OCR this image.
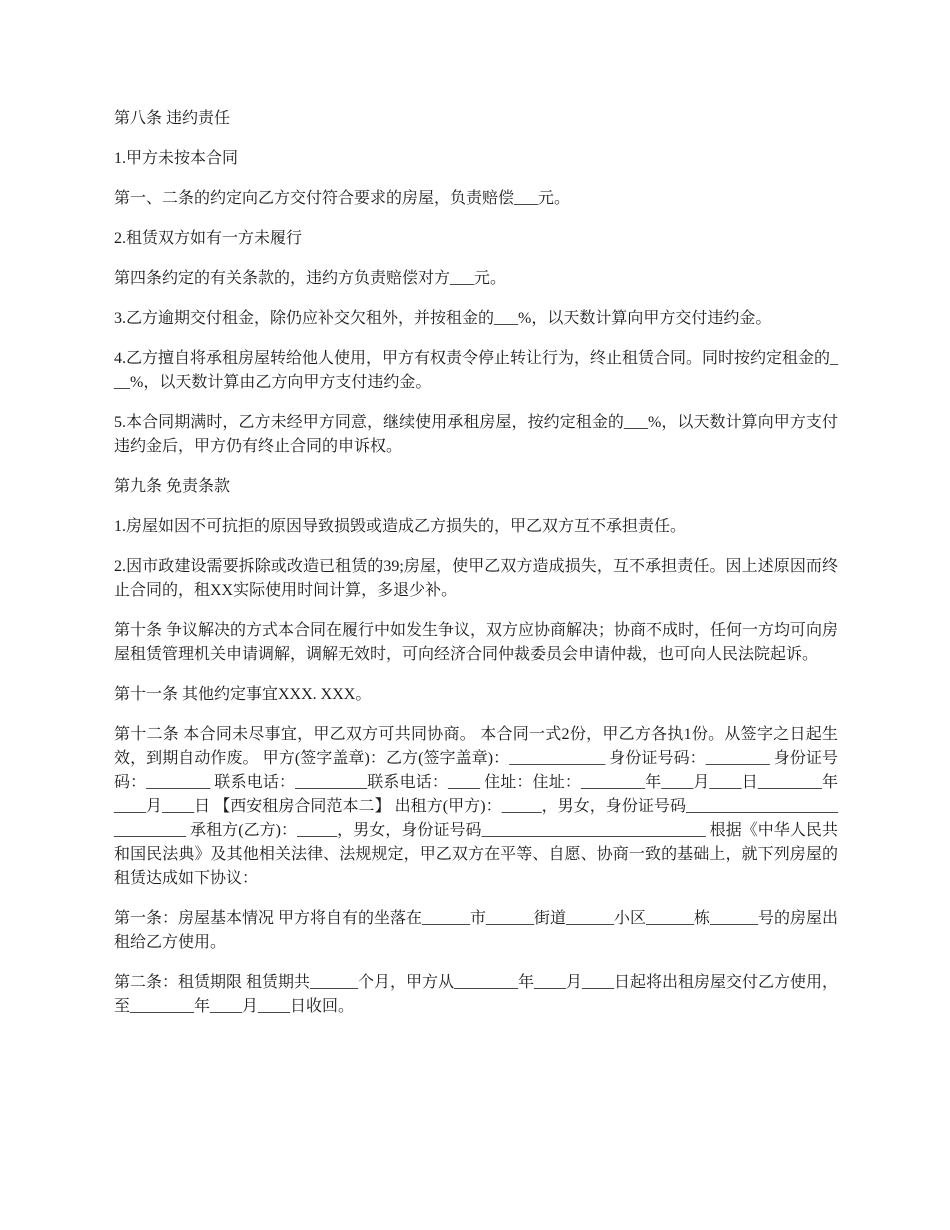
第八条 违约责任

1.甲方未按本合同

第一、二条的约定向乙方交付符合要求的房屋，负责赔偿___元。

2.租赁双方如有一方未履行

第四条约定的有关条款的，违约方负责赔偿对方___元。

3.乙方逾期交付租金，除仍应补交欠租外，并按租金的___%，以天数计算向甲方交付违约金。

4.乙方擅自将承租房屋转给他人使用，甲方有权责令停止转让行为，终止租赁合同。同时按约定租金的___%，以天数计算由乙方向甲方支付违约金。

5.本合同期满时，乙方未经甲方同意，继续使用承租房屋，按约定租金的___%，以天数计算向甲方支付违约金后，甲方仍有终止合同的申诉权。

第九条 免责条款

1.房屋如因不可抗拒的原因导致损毁或造成乙方损失的，甲乙双方互不承担责任。

2.因市政建设需要拆除或改造已租赁的39;房屋，使甲乙双方造成损失，互不承担责任。因上述原因而终止合同的，租XX实际使用时间计算，多退少补。

第十条 争议解决的方式本合同在履行中如发生争议，双方应协商解决；协商不成时，任何一方均可向房屋租赁管理机关申请调解，调解无效时，可向经济合同仲裁委员会申请仲裁，也可向人民法院起诉。

第十一条 其他约定事宜XXX. XXX。

第十二条 本合同未尽事宜，甲乙双方可共同协商。 本合同一式2份，甲乙方各执1份。从签字之日起生效，到期自动作废。 甲方(签字盖章)：乙方(签字盖章)：____________ 身份证号码：________ 身份证号码：________ 联系电话：_________联系电话：____ 住址：住址：________年____月____日________年____月____日 【西安租房合同范本二】 出租方(甲方)：_____，男女，身份证号码____________________________ 承租方(乙方)：_____，男女，身份证号码____________________________ 根据《中华人民共和国民法典》及其他相关法律、法规规定，甲乙双方在平等、自愿、协商一致的基础上，就下列房屋的租赁达成如下协议：

第一条：房屋基本情况 甲方将自有的坐落在______市______街道______小区______栋______号的房屋出租给乙方使用。

第二条：租赁期限 租赁期共______个月，甲方从________年____月____日起将出租房屋交付乙方使用，至________年____月____日收回。
